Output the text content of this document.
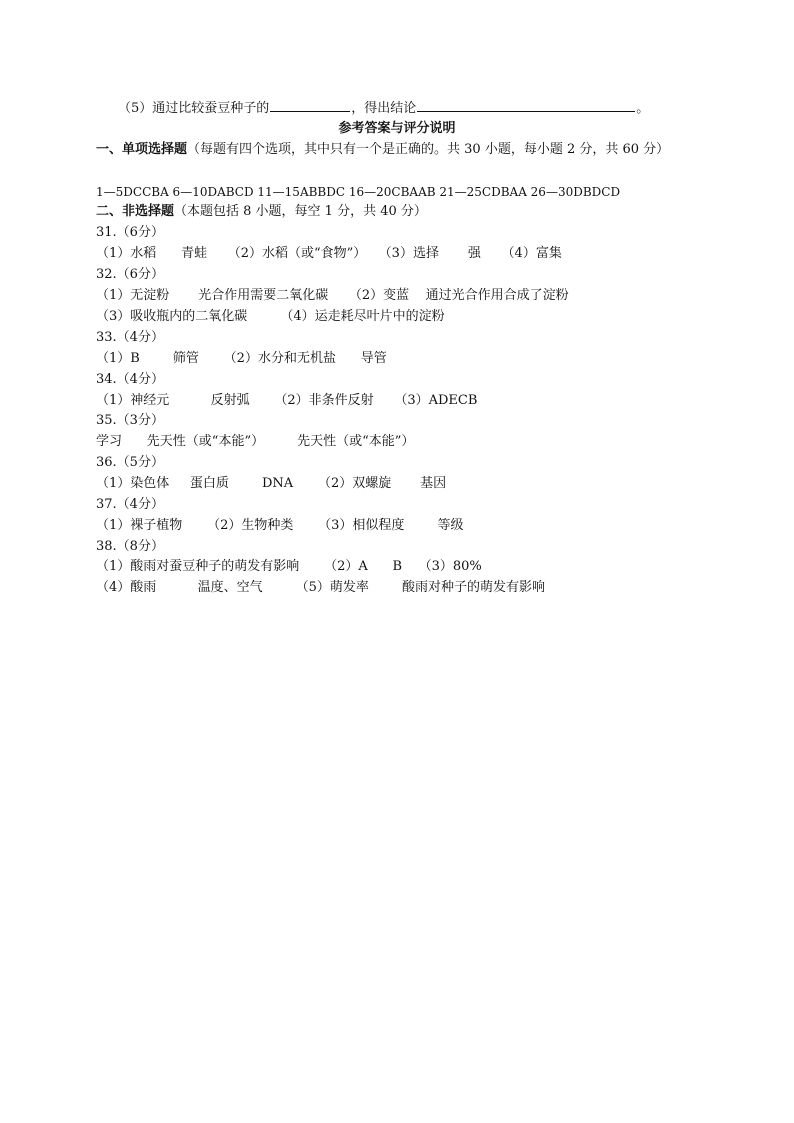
（5）通过比较蚕豆种子的	，得出结论	。
参考答案与评分说明
一、单项选择题（每题有四个选项，其中只有一个是正确的。共 30 小题，每小题 2 分，共 60 分）
1—5DCCBA 6—10DABCD 11—15ABBDC 16—20CBAAB 21—25CDBAA 26—30DBDCD
二、非选择题（本题包括 8 小题，每空 1 分，共 40 分）
31.（6分）
（1）水稻      青蛙     （2）水稻（或“食物”）   （3）选择       强     （4）富集
32.（6分）
（1）无淀粉       光合作用需要二氧化碳     （2）变蓝    通过光合作用合成了淀粉
（3）吸收瓶内的二氧化碳        （4）运走耗尽叶片中的淀粉
33.（4分）
（1）B        筛管      （2）水分和无机盐      导管
34.（4分）
（1）神经元          反射弧      （2）非条件反射     （3）ADECB
35.（3分）
学习      先天性（或“本能”）        先天性（或“本能”）
36.（5分）
（1）染色体     蛋白质        DNA      （2）双螺旋       基因
37.（4分）
（1）裸子植物      （2）生物种类      （3）相似程度        等级
38.（8分）
（1）酸雨对蚕豆种子的萌发有影响      （2）A      B    （3）80%
（4）酸雨          温度、空气        （5）萌发率        酸雨对种子的萌发有影响
